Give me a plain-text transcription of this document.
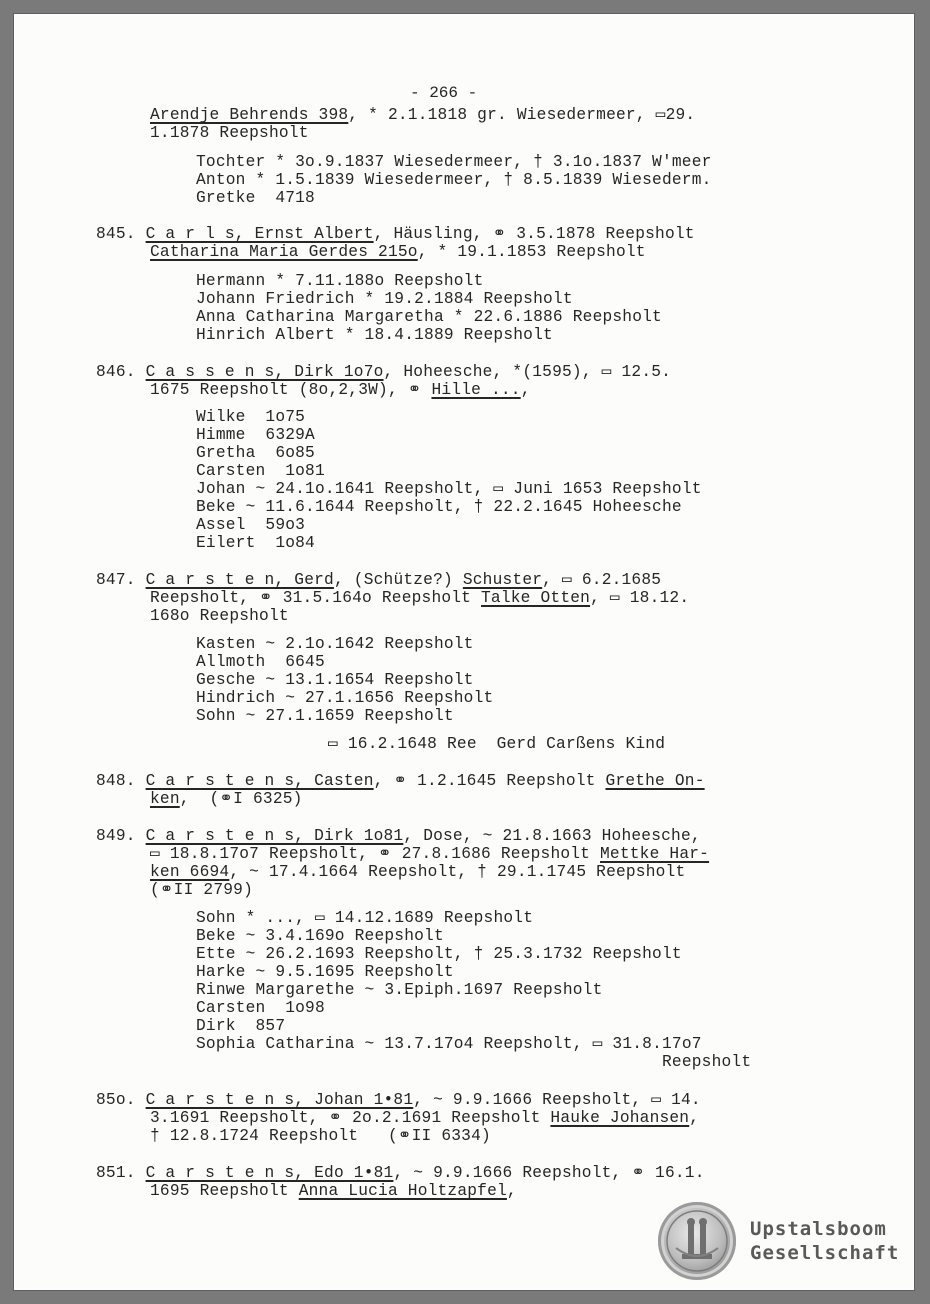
- 266 -
Arendje Behrends 398, * 2.1.1818 gr. Wiesedermeer, ▭29.
1.1878 Reepsholt
Tochter * 3o.9.1837 Wiesedermeer, † 3.1o.1837 W'meer
Anton * 1.5.1839 Wiesedermeer, † 8.5.1839 Wiesederm.
Gretke  4718
845. C a r l s, Ernst Albert, Häusling, ⚭ 3.5.1878 Reepsholt
Catharina Maria Gerdes 215o, * 19.1.1853 Reepsholt
Hermann * 7.11.188o Reepsholt
Johann Friedrich * 19.2.1884 Reepsholt
Anna Catharina Margaretha * 22.6.1886 Reepsholt
Hinrich Albert * 18.4.1889 Reepsholt
846. C a s s e n s, Dirk 1o7o, Hoheesche, *(1595), ▭ 12.5.
1675 Reepsholt (8o,2,3W), ⚭ Hille ...,
Wilke  1o75
Himme  6329A
Gretha  6o85
Carsten  1o81
Johan ~ 24.1o.1641 Reepsholt, ▭ Juni 1653 Reepsholt
Beke ~ 11.6.1644 Reepsholt, † 22.2.1645 Hoheesche
Assel  59o3
Eilert  1o84
847. C a r s t e n, Gerd, (Schütze?) Schuster, ▭ 6.2.1685
Reepsholt, ⚭ 31.5.164o Reepsholt Talke Otten, ▭ 18.12.
168o Reepsholt
Kasten ~ 2.1o.1642 Reepsholt
Allmoth  6645
Gesche ~ 13.1.1654 Reepsholt
Hindrich ~ 27.1.1656 Reepsholt
Sohn ~ 27.1.1659 Reepsholt
▭ 16.2.1648 Ree  Gerd Carßens Kind
848. C a r s t e n s, Casten, ⚭ 1.2.1645 Reepsholt Grethe On-
ken,  (⚭I 6325)
849. C a r s t e n s, Dirk 1o81, Dose, ~ 21.8.1663 Hoheesche,
▭ 18.8.17o7 Reepsholt, ⚭ 27.8.1686 Reepsholt Mettke Har-
ken 6694, ~ 17.4.1664 Reepsholt, † 29.1.1745 Reepsholt
(⚭II 2799)
Sohn * ..., ▭ 14.12.1689 Reepsholt
Beke ~ 3.4.169o Reepsholt
Ette ~ 26.2.1693 Reepsholt, † 25.3.1732 Reepsholt
Harke ~ 9.5.1695 Reepsholt
Rinwe Margarethe ~ 3.Epiph.1697 Reepsholt
Carsten  1o98
Dirk  857
Sophia Catharina ~ 13.7.17o4 Reepsholt, ▭ 31.8.17o7
Reepsholt
85o. C a r s t e n s, Johan 1•81, ~ 9.9.1666 Reepsholt, ▭ 14.
3.1691 Reepsholt, ⚭ 2o.2.1691 Reepsholt Hauke Johansen,
† 12.8.1724 Reepsholt   (⚭II 6334)
851. C a r s t e n s, Edo 1•81, ~ 9.9.1666 Reepsholt, ⚭ 16.1.
1695 Reepsholt Anna Lucia Holtzapfel,
Upstalsboom
Gesellschaft
